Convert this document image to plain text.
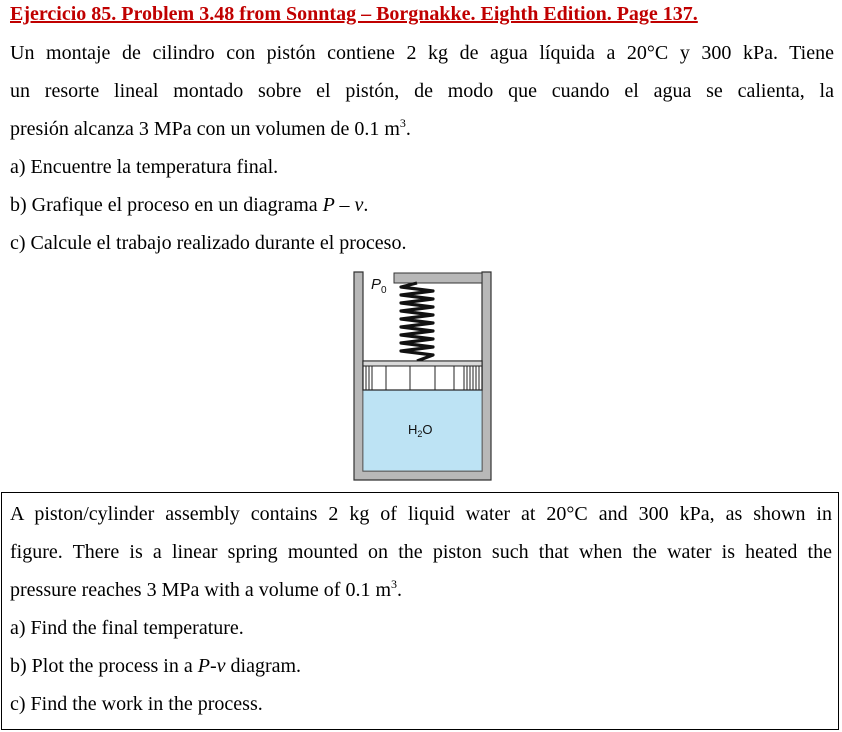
Ejercicio 85. Problem 3.48 from Sonntag – Borgnakke. Eighth Edition. Page 137.
Un montaje de cilindro con pistón contiene 2 kg de agua líquida a 20°C y 300 kPa. Tiene
un resorte lineal montado sobre el pistón, de modo que cuando el agua se calienta, la
presión alcanza 3 MPa con un volumen de 0.1 $m^3$.
a) Encuentre la temperatura final.
b) Grafique el proceso en un diagrama P – v.
c) Calcule el trabajo realizado durante el proceso.
$P_0$
$H_2O$
A piston/cylinder assembly contains 2 kg of liquid water at 20°C and 300 kPa, as shown in
figure. There is a linear spring mounted on the piston such that when the water is heated the
pressure reaches 3 MPa with a volume of 0.1 $m^3$.
a) Find the final temperature.
b) Plot the process in a P-v diagram.
c) Find the work in the process.
